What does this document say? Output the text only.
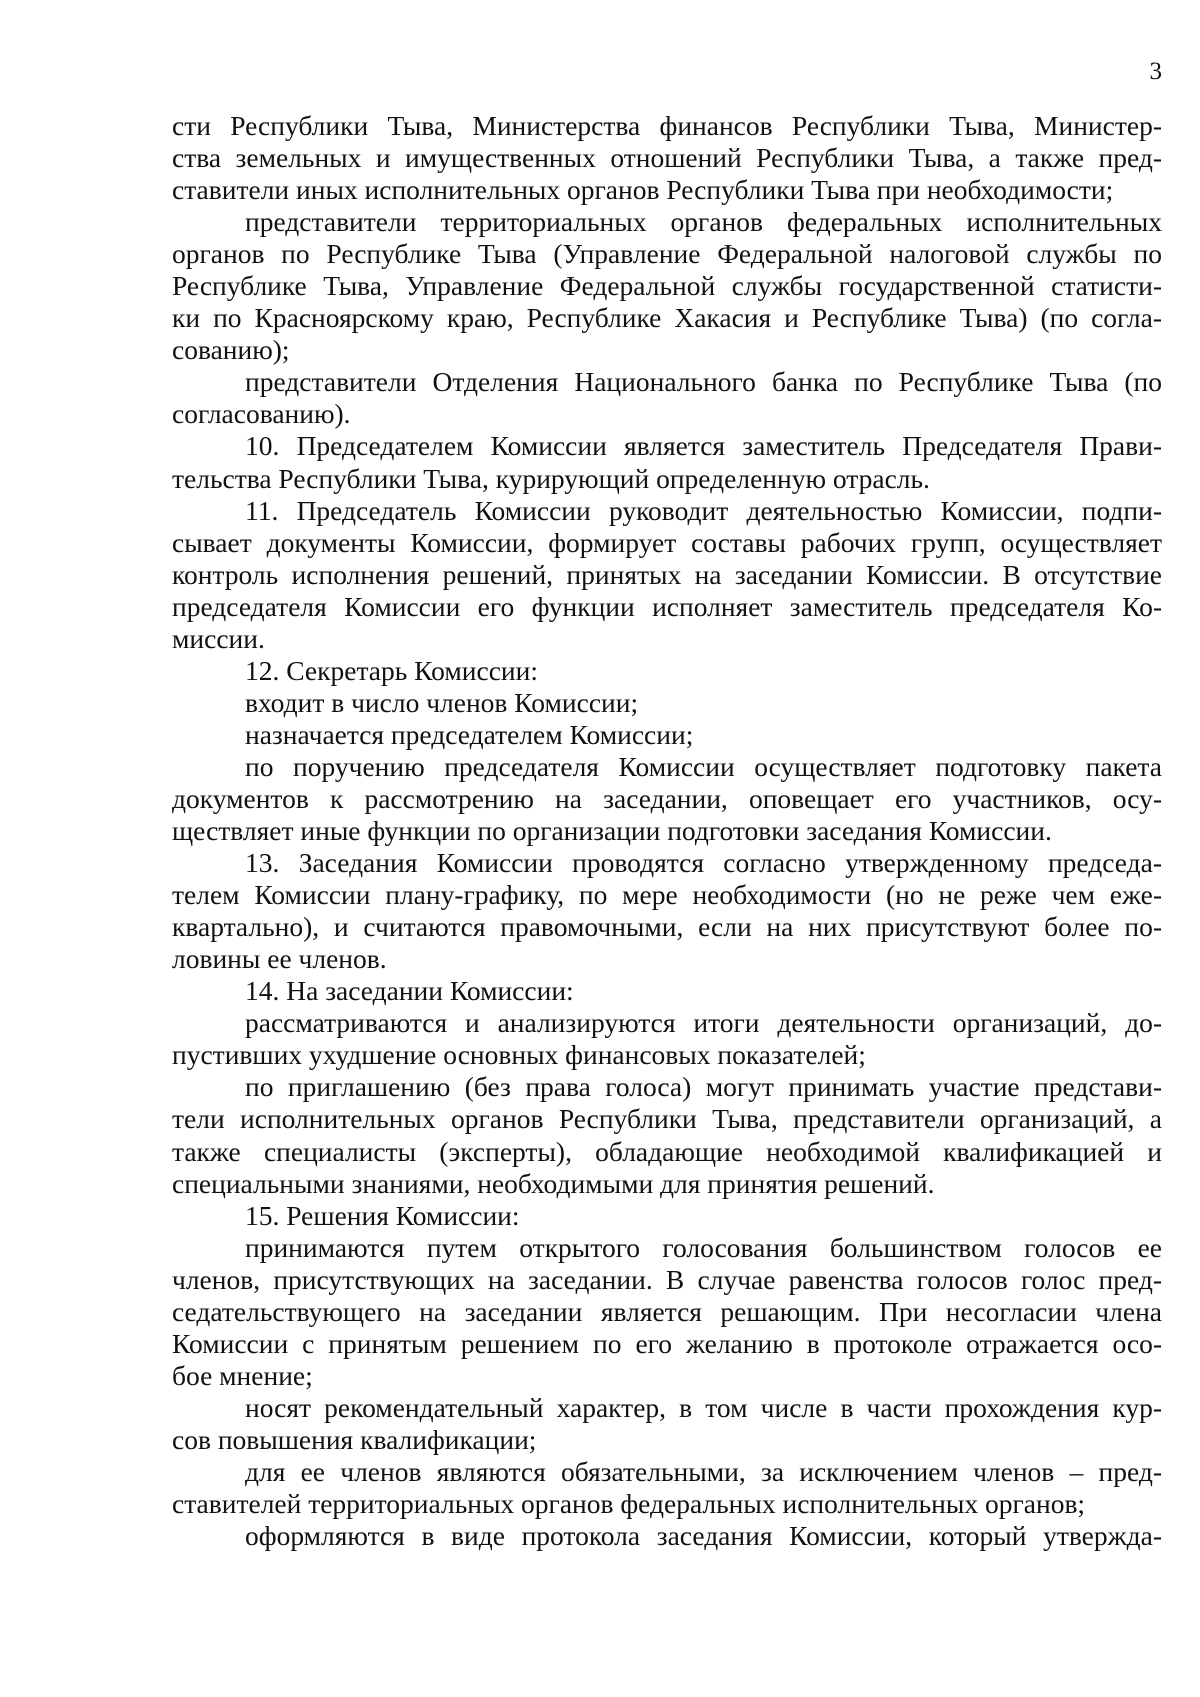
3
сти Республики Тыва, Министерства финансов Республики Тыва, Министер-
ства земельных и имущественных отношений Республики Тыва, а также пред-
ставители иных исполнительных органов Республики Тыва при необходимости;
представители территориальных органов федеральных исполнительных
органов по Республике Тыва (Управление Федеральной налоговой службы по
Республике Тыва, Управление Федеральной службы государственной статисти-
ки по Красноярскому краю, Республике Хакасия и Республике Тыва) (по согла-
сованию);
представители Отделения Национального банка по Республике Тыва (по
согласованию).
10. Председателем Комиссии является заместитель Председателя Прави-
тельства Республики Тыва, курирующий определенную отрасль.
11. Председатель Комиссии руководит деятельностью Комиссии, подпи-
сывает документы Комиссии, формирует составы рабочих групп, осуществляет
контроль исполнения решений, принятых на заседании Комиссии. В отсутствие
председателя Комиссии его функции исполняет заместитель председателя Ко-
миссии.
12. Секретарь Комиссии:
входит в число членов Комиссии;
назначается председателем Комиссии;
по поручению председателя Комиссии осуществляет подготовку пакета
документов к рассмотрению на заседании, оповещает его участников, осу-
ществляет иные функции по организации подготовки заседания Комиссии.
13. Заседания Комиссии проводятся согласно утвержденному председа-
телем Комиссии плану-графику, по мере необходимости (но не реже чем еже-
квартально), и считаются правомочными, если на них присутствуют более по-
ловины ее членов.
14. На заседании Комиссии:
рассматриваются и анализируются итоги деятельности организаций, до-
пустивших ухудшение основных финансовых показателей;
по приглашению (без права голоса) могут принимать участие представи-
тели исполнительных органов Республики Тыва, представители организаций, а
также специалисты (эксперты), обладающие необходимой квалификацией и
специальными знаниями, необходимыми для принятия решений.
15. Решения Комиссии:
принимаются путем открытого голосования большинством голосов ее
членов, присутствующих на заседании. В случае равенства голосов голос пред-
седательствующего на заседании является решающим. При несогласии члена
Комиссии с принятым решением по его желанию в протоколе отражается осо-
бое мнение;
носят рекомендательный характер, в том числе в части прохождения кур-
сов повышения квалификации;
для ее членов являются обязательными, за исключением членов – пред-
ставителей территориальных органов федеральных исполнительных органов;
оформляются в виде протокола заседания Комиссии, который утвержда-
